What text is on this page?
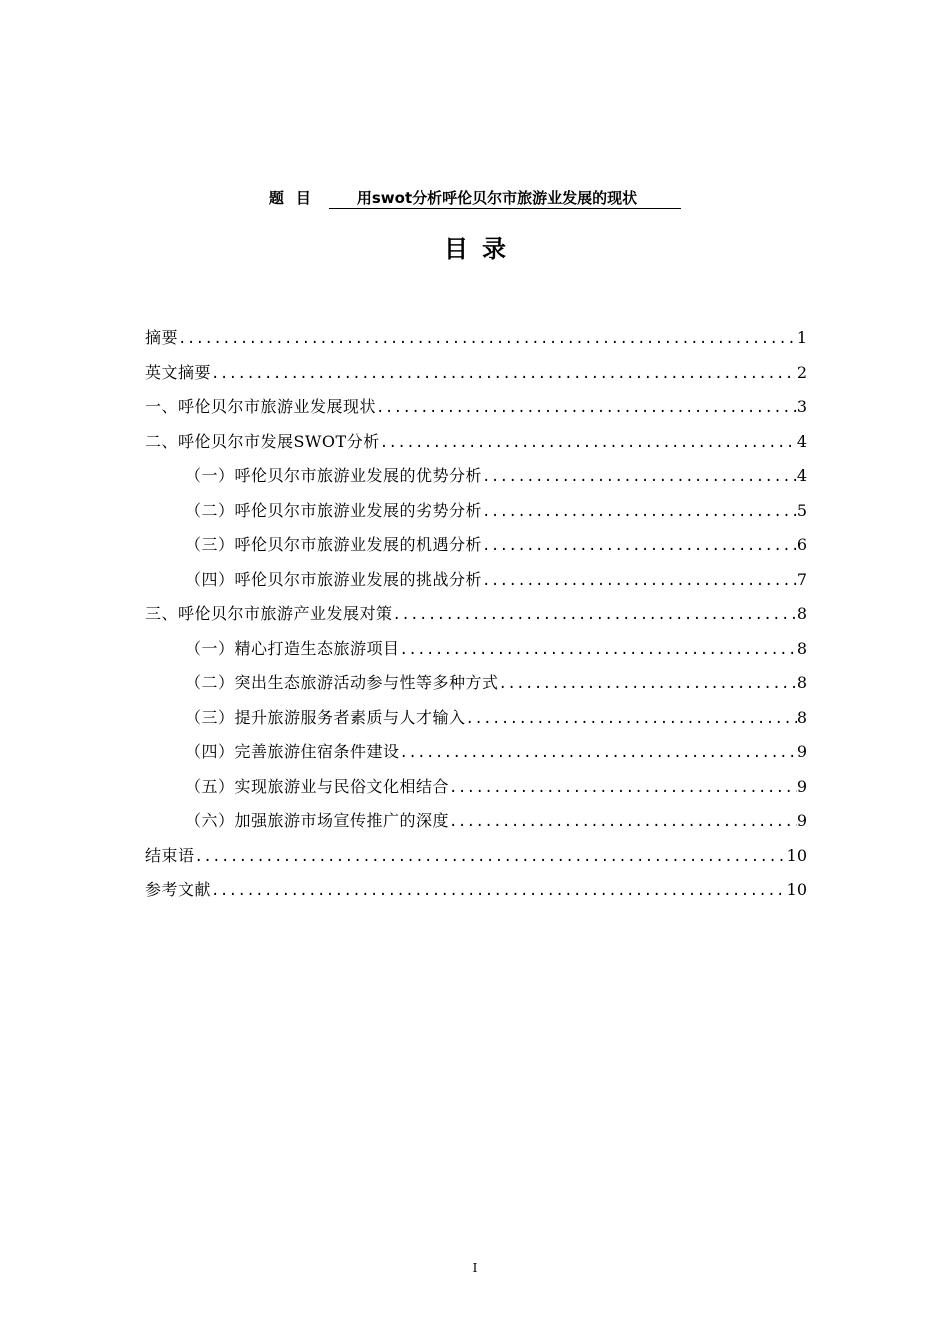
题目 用swot分析呼伦贝尔市旅游业发展的现状
目录
摘要 .....	1
英文摘要 .....	2
一、呼伦贝尔市旅游业发展现状 .....	3
二、呼伦贝尔市发展SWOT分析 .....	4
（一）呼伦贝尔市旅游业发展的优势分析 .....	4
（二）呼伦贝尔市旅游业发展的劣势分析 .....	5
（三）呼伦贝尔市旅游业发展的机遇分析 .....	6
（四）呼伦贝尔市旅游业发展的挑战分析 .....	7
三、呼伦贝尔市旅游产业发展对策 .....	8
（一）精心打造生态旅游项目 .....	8
（二）突出生态旅游活动参与性等多种方式 .....	8
（三）提升旅游服务者素质与人才输入 .....	8
（四）完善旅游住宿条件建设 .....	9
（五）实现旅游业与民俗文化相结合 .....	9
（六）加强旅游市场宣传推广的深度 .....	9
结束语 .....	10
参考文献 .....	10
I
